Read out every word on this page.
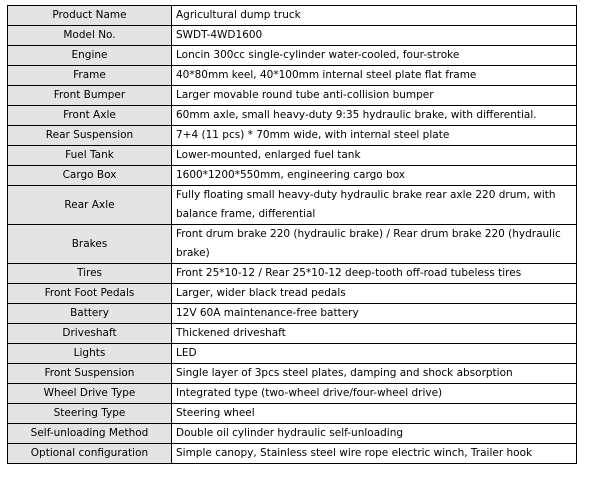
Product Name	Agricultural dump truck
Model No.	SWDT-4WD1600
Engine	Loncin 300cc single-cylinder water-cooled, four-stroke
Frame	40*80mm keel, 40*100mm internal steel plate flat frame
Front Bumper	Larger movable round tube anti-collision bumper
Front Axle	60mm axle, small heavy-duty 9:35 hydraulic brake, with differential.
Rear Suspension	7+4 (11 pcs) * 70mm wide, with internal steel plate
Fuel Tank	Lower-mounted, enlarged fuel tank
Cargo Box	1600*1200*550mm, engineering cargo box
Rear Axle	Fully floating small heavy-duty hydraulic brake rear axle 220 drum, with balance frame, differential
Brakes	Front drum brake 220 (hydraulic brake) / Rear drum brake 220 (hydraulic brake)
Tires	Front 25*10-12 / Rear 25*10-12 deep-tooth off-road tubeless tires
Front Foot Pedals	Larger, wider black tread pedals
Battery	12V 60A maintenance-free battery
Driveshaft	Thickened driveshaft
Lights	LED
Front Suspension	Single layer of 3pcs steel plates, damping and shock absorption
Wheel Drive Type	Integrated type (two-wheel drive/four-wheel drive)
Steering Type	Steering wheel
Self-unloading Method	Double oil cylinder hydraulic self-unloading
Optional configuration	Simple canopy, Stainless steel wire rope electric winch, Trailer hook
